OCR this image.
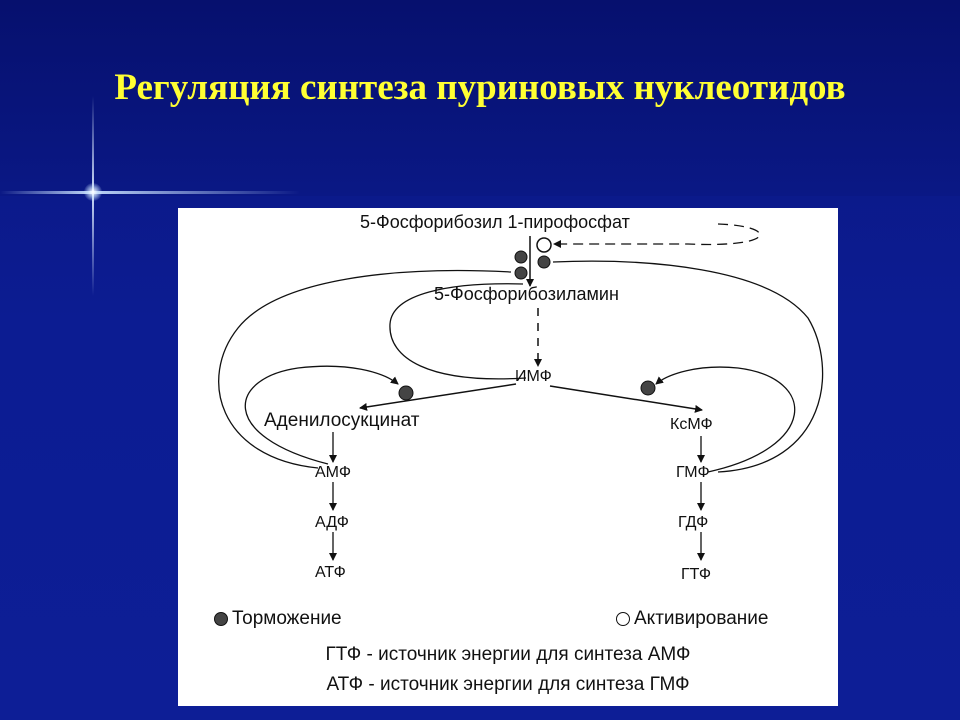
Регуляция синтеза пуриновых нуклеотидов
5-Фосфорибозил 1-пирофосфат
5-Фосфорибозиламин
ИМФ
Аденилосукцинат	КсМФ
АМФ	ГМФ
АДФ	ГДФ
АТФ	ГТФ
Торможение	Активирование
ГТФ - источник энергии для синтеза АМФ
АТФ - источник энергии для синтеза ГМФ
